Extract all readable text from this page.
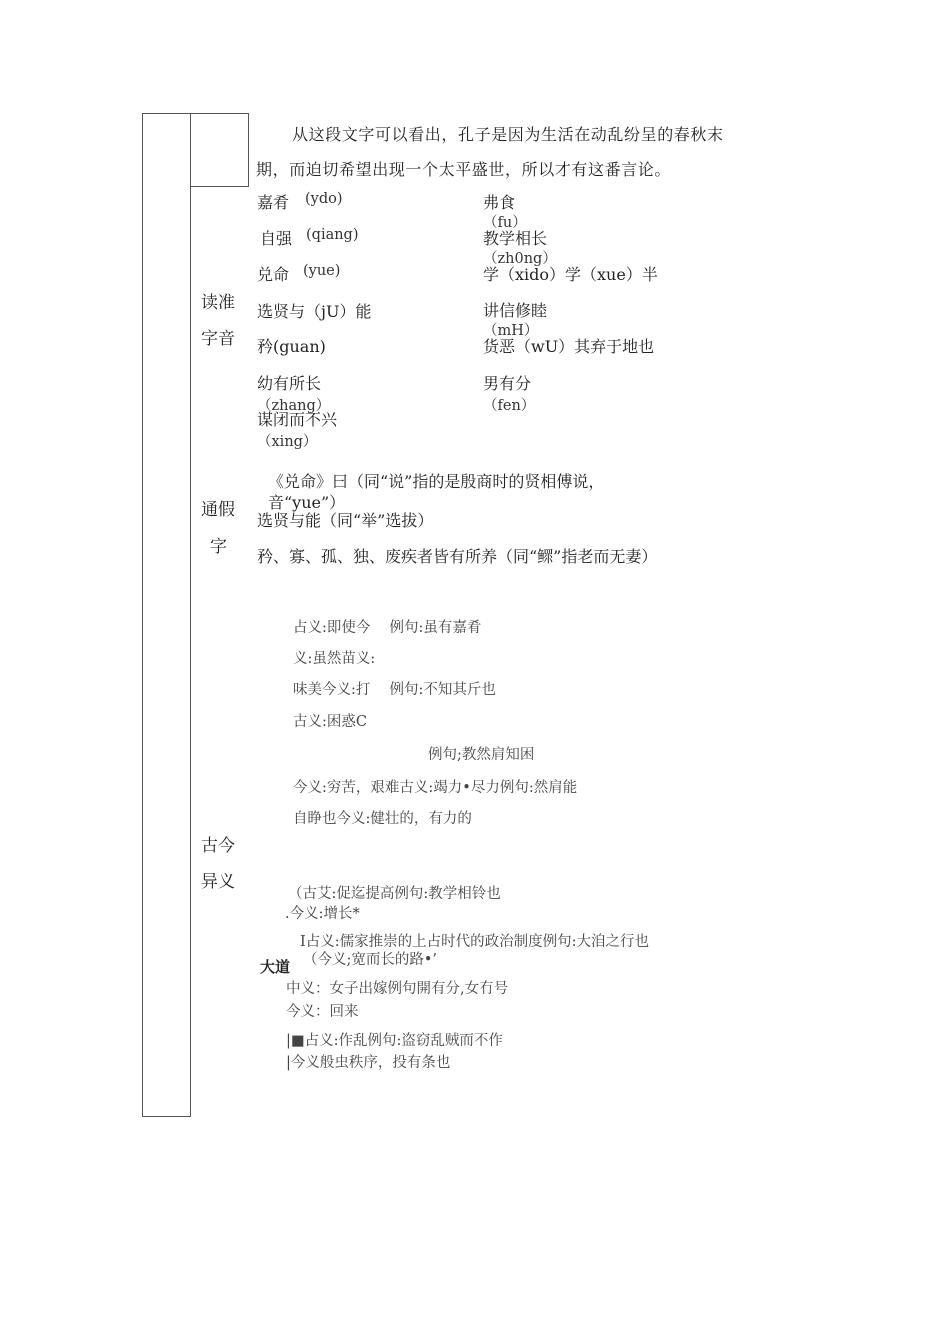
从这段文字可以看出，孔子是因为生活在动乱纷呈的春秋末
期，而迫切希望出现一个太平盛世，所以才有这番言论。
读准
字音
通假
字
古今
异义
嘉肴 (ydo)
自强 (qiang)
兑命 (yue)
选贤与（jU）能
矜(guan)
幼有所长
（zhang）
谋闭而不兴
（xing）
弗食
（fu）
教学相长
（zh0ng）
学（xido）学（xue）半
讲信修睦
（mH）
货恶（wU）其弃于地也
男有分
（fen）
《兑命》曰（同“说”指的是殷商时的贤相傅说，
音“yue”）
选贤与能（同“举”选拔）
矜、寡、孤、独、废疾者皆有所养（同“鳏”指老而无妻）
占义:即使今　 例句:虽有嘉肴
义:虽然苗义:
味美今义:打　 例句:不知其斤也
古义:困惑C
例句;教然肩知困
今义:穷苦，艰难古义:竭力•尽力例句:然肩能
自睁也今义:健壮的，有力的
（古艾:促迄提高例句:教学相铃也
.今义:增长*
I占义:儒家推崇的上占时代的政治制度例句:大洎之行也
（今义;宽而长的路•’
大道
中义：女子出嫁例句開有分,女冇号
今义：回来
|■占义:作乱例句:盗窃乱贼而不作
|今义般虫秩序，投有条也
